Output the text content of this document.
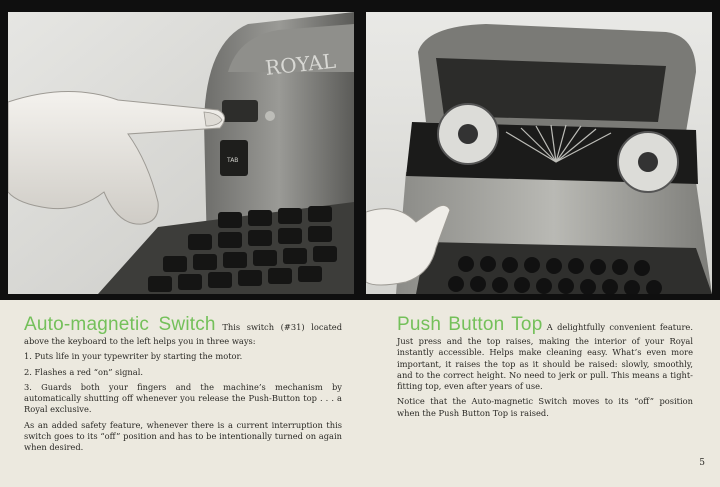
ROYAL
TAB

Auto-magnetic Switch This switch (#31) located above the keyboard to the left helps you in three ways:

1. Puts life in your typewriter by starting the motor.

2. Flashes a red “on” signal.

3. Guards both your fingers and the machine’s mechanism by automatically shutting off whenever you release the Push-Button top . . . a Royal exclusive.

As an added safety feature, whenever there is a current interruption this switch goes to its “off” position and has to be intentionally turned on again when desired.

Push Button Top A delightfully convenient feature. Just press and the top raises, making the interior of your Royal instantly accessible. Helps make cleaning easy. What’s even more important, it raises the top as it should be raised: slowly, smoothly, and to the correct height. No need to jerk or pull. This means a tight-fitting top, even after years of use.

Notice that the Auto-magnetic Switch moves to its “off” position when the Push Button Top is raised.

5
